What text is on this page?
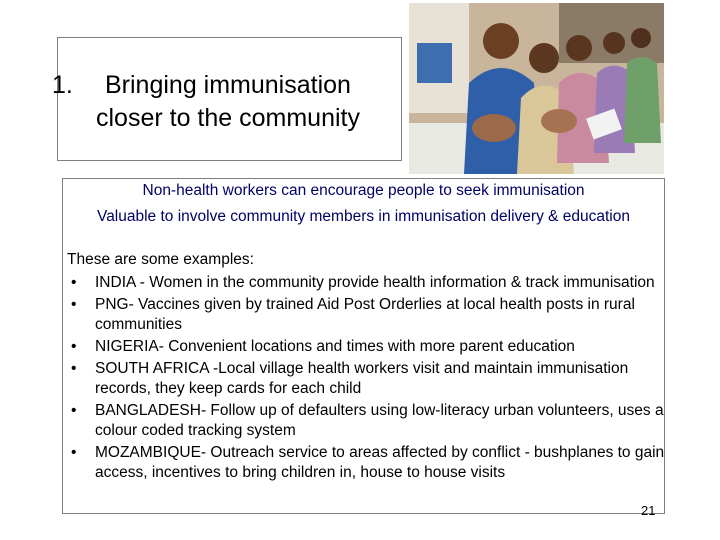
1. Bringing immunisation
closer to the community
Non-health workers can encourage people to seek immunisation
Valuable to involve community members in immunisation delivery & education
These are some examples:
• INDIA - Women in the community provide health information & track immunisation
• PNG- Vaccines given by trained Aid Post Orderlies at local health posts in rural communities
• NIGERIA- Convenient locations and times with more parent education
• SOUTH AFRICA -Local village health workers visit and maintain immunisation records, they keep cards for each child
• BANGLADESH- Follow up of defaulters using low-literacy urban volunteers, uses a colour coded tracking system
• MOZAMBIQUE- Outreach service to areas affected by conflict - bushplanes to gain access, incentives to bring children in, house to house visits
21
